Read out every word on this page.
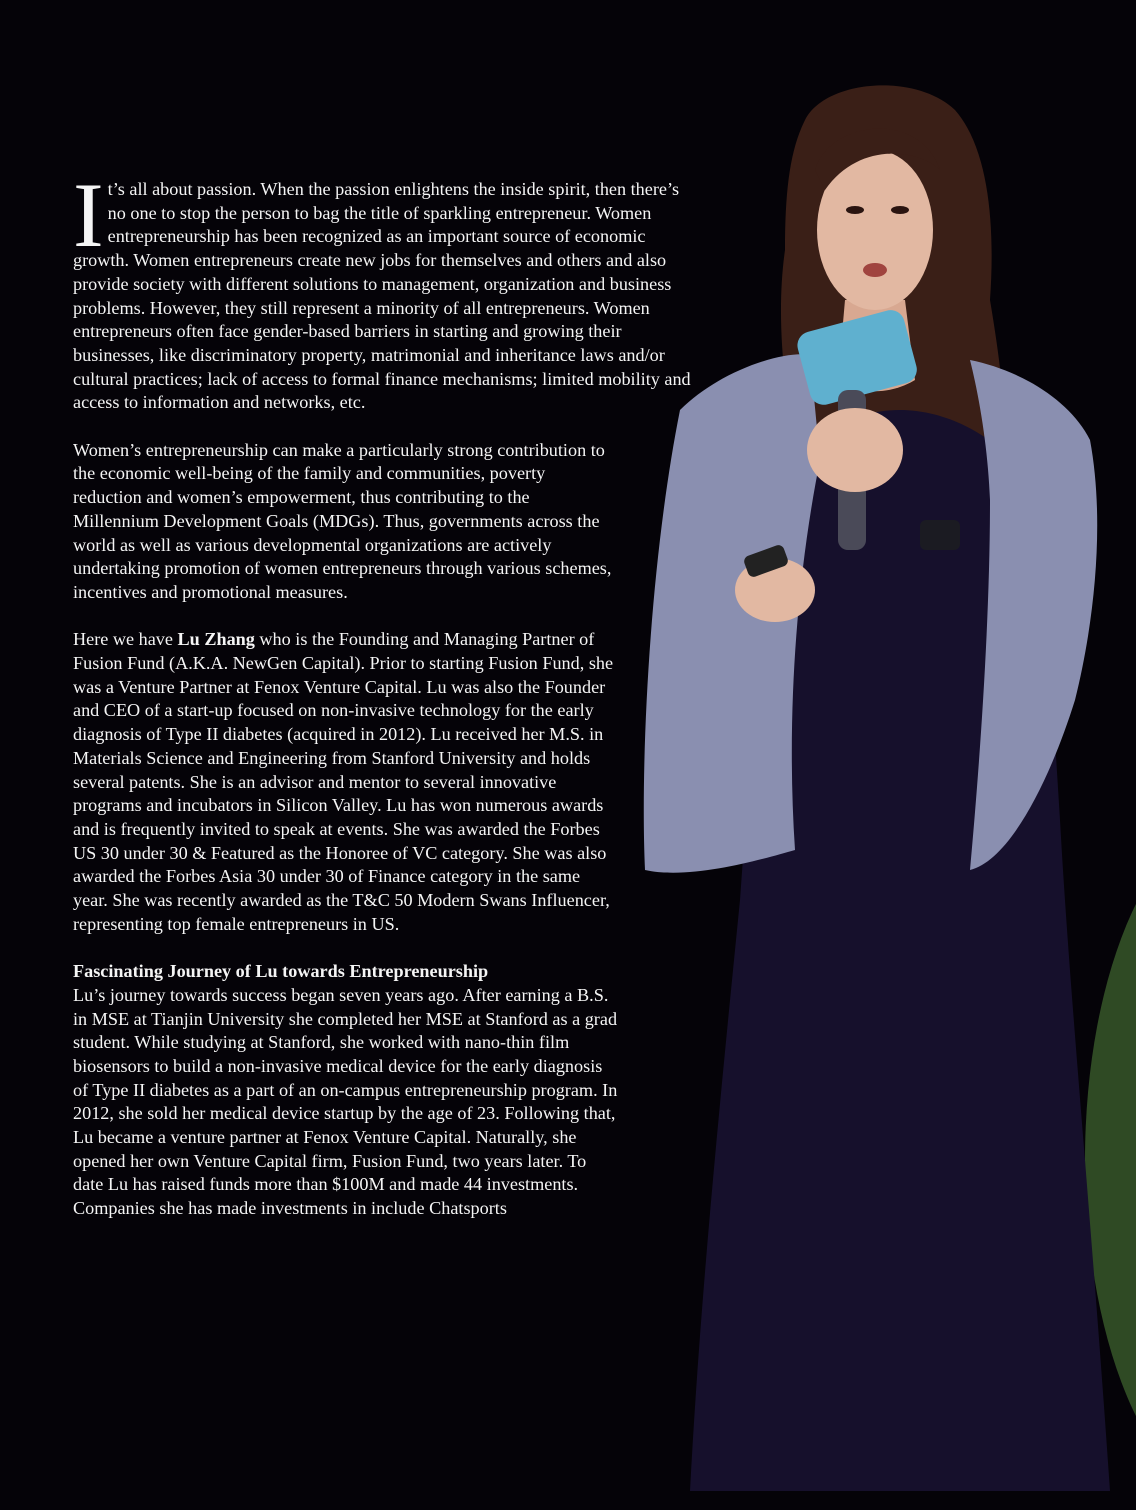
It’s all about passion. When the passion enlightens the inside spirit, then there’s no one to stop the person to bag the title of sparkling entrepreneur. Women entrepreneurship has been recognized as an important source of economic growth. Women entrepreneurs create new jobs for themselves and others and also provide society with different solutions to management, organization and business problems. However, they still represent a minority of all entrepreneurs. Women entrepreneurs often face gender-based barriers in starting and growing their businesses, like discriminatory property, matrimonial and inheritance laws and/or cultural practices; lack of access to formal finance mechanisms; limited mobility and access to information and networks, etc.

Women’s entrepreneurship can make a particularly strong contribution to the economic well-being of the family and communities, poverty reduction and women’s empowerment, thus contributing to the Millennium Development Goals (MDGs). Thus, governments across the world as well as various developmental organizations are actively undertaking promotion of women entrepreneurs through various schemes, incentives and promotional measures.

Here we have Lu Zhang who is the Founding and Managing Partner of Fusion Fund (A.K.A. NewGen Capital). Prior to starting Fusion Fund, she was a Venture Partner at Fenox Venture Capital. Lu was also the Founder and CEO of a start-up focused on non-invasive technology for the early diagnosis of Type II diabetes (acquired in 2012). Lu received her M.S. in Materials Science and Engineering from Stanford University and holds several patents. She is an advisor and mentor to several innovative programs and incubators in Silicon Valley. Lu has won numerous awards and is frequently invited to speak at events. She was awarded the Forbes US 30 under 30 & Featured as the Honoree of VC category. She was also awarded the Forbes Asia 30 under 30 of Finance category in the same year. She was recently awarded as the T&C 50 Modern Swans Influencer, representing top female entrepreneurs in US.

Fascinating Journey of Lu towards Entrepreneurship
Lu’s journey towards success began seven years ago. After earning a B.S. in MSE at Tianjin University she completed her MSE at Stanford as a grad student. While studying at Stanford, she worked with nano-thin film biosensors to build a non-invasive medical device for the early diagnosis of Type II diabetes as a part of an on-campus entrepreneurship program. In 2012, she sold her medical device startup by the age of 23. Following that, Lu became a venture partner at Fenox Venture Capital. Naturally, she opened her own Venture Capital firm, Fusion Fund, two years later. To date Lu has raised funds more than $100M and made 44 investments. Companies she has made investments in include Chatsports
